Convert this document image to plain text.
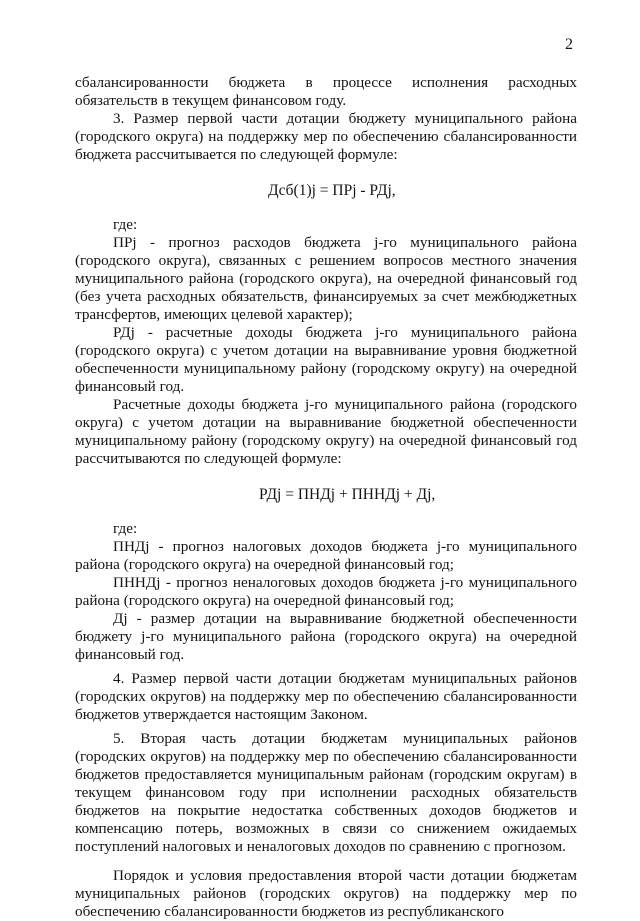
2

сбалансированности бюджета в процессе исполнения расходных обязательств в текущем финансовом году.

3. Размер первой части дотации бюджету муниципального района (городского округа) на поддержку мер по обеспечению сбалансированности бюджета рассчитывается по следующей формуле:

Дсб(1)j = ПPj - РДj,

где:

ПPj - прогноз расходов бюджета j-го муниципального района (городского округа), связанных с решением вопросов местного значения муниципального района (городского округа), на очередной финансовый год (без учета расходных обязательств, финансируемых за счет межбюджетных трансфертов, имеющих целевой характер);

РДj - расчетные доходы бюджета j-го муниципального района (городского округа) с учетом дотации на выравнивание уровня бюджетной обеспеченности муниципальному району (городскому округу) на очередной финансовый год.

Расчетные доходы бюджета j-го муниципального района (городского округа) с учетом дотации на выравнивание бюджетной обеспеченности муниципальному району (городскому округу) на очередной финансовый год рассчитываются по следующей формуле:

РДj = ПНДj + ПННДj + Дj,

где:

ПНДj - прогноз налоговых доходов бюджета j-го муниципального района (городского округа) на очередной финансовый год;

ПННДj - прогноз неналоговых доходов бюджета j-го муниципального района (городского округа) на очередной финансовый год;

Дj - размер дотации на выравнивание бюджетной обеспеченности бюджету j-го муниципального района (городского округа) на очередной финансовый год.

4. Размер первой части дотации бюджетам муниципальных районов (городских округов) на поддержку мер по обеспечению сбалансированности бюджетов утверждается настоящим Законом.

5. Вторая часть дотации бюджетам муниципальных районов (городских округов) на поддержку мер по обеспечению сбалансированности бюджетов предоставляется муниципальным районам (городским округам) в текущем финансовом году при исполнении расходных обязательств бюджетов на покрытие недостатка собственных доходов бюджетов и компенсацию потерь, возможных в связи со снижением ожидаемых поступлений налоговых и неналоговых доходов по сравнению с прогнозом.

Порядок и условия предоставления второй части дотации бюджетам муниципальных районов (городских округов) на поддержку мер по обеспечению сбалансированности бюджетов из республиканского
